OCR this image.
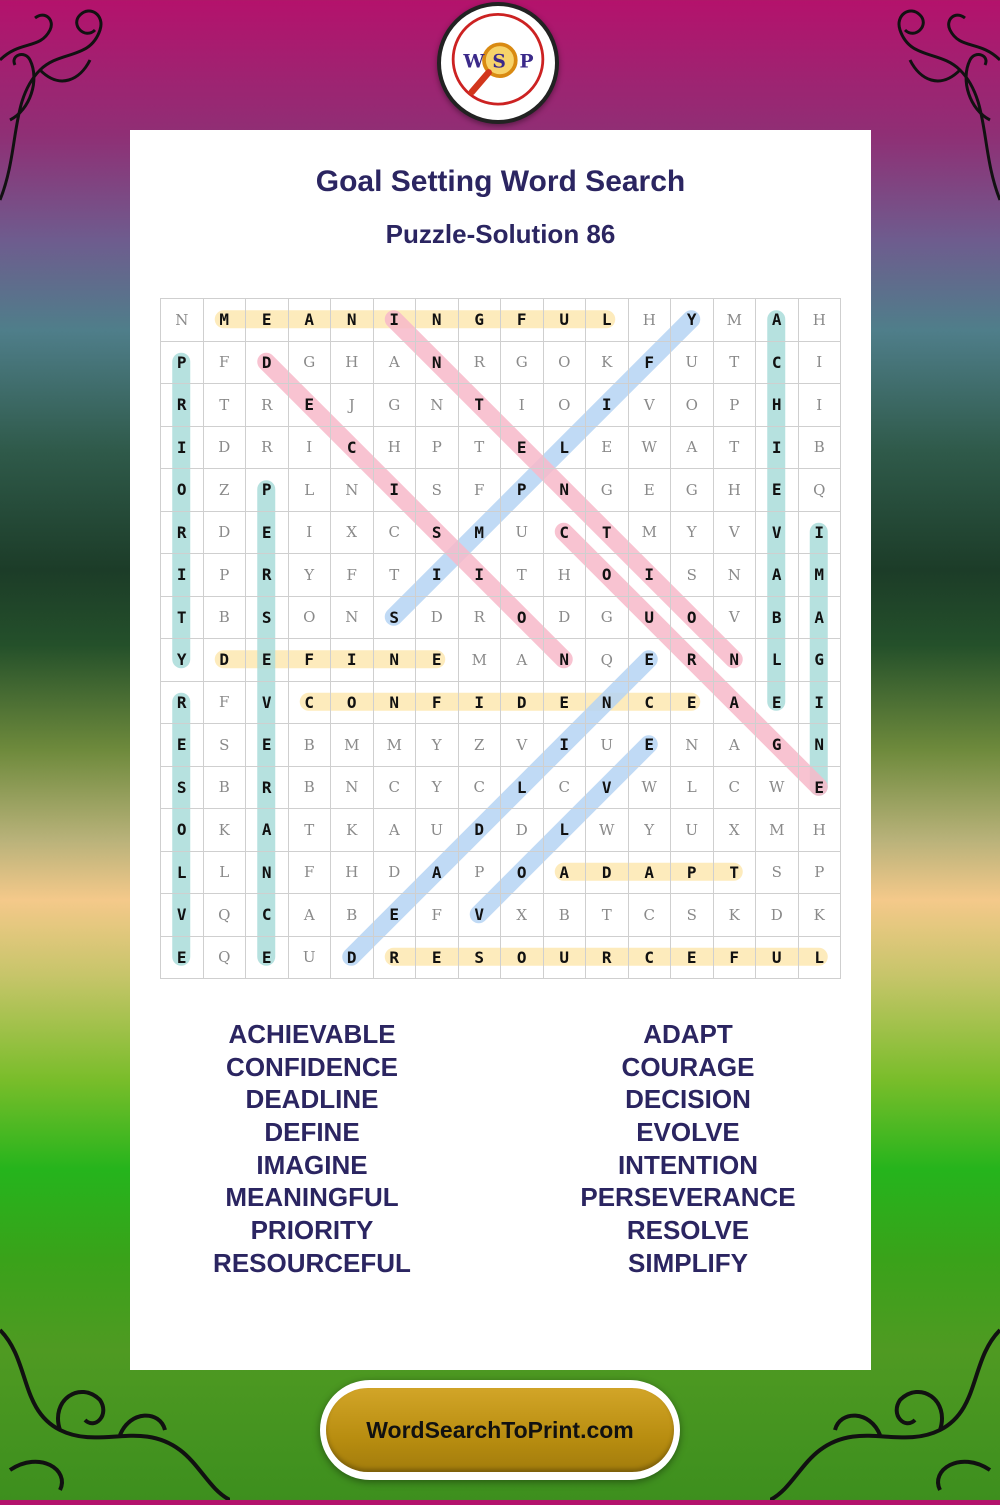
W S P
Goal Setting Word Search
Puzzle-Solution 86
N	M	E	A	N	I	N	G	F	U	L	H	Y	M	A	H
P	F	D	G	H	A	N	R	G	O	K	F	U	T	C	I
R	T	R	E	J	G	N	T	I	O	I	V	O	P	H	I
I	D	R	I	C	H	P	T	E	L	E	W	A	T	I	B
O	Z	P	L	N	I	S	F	P	N	G	E	G	H	E	Q
R	D	E	I	X	C	S	M	U	C	T	M	Y	V	V	I
I	P	R	Y	F	T	I	I	T	H	O	I	S	N	A	M
T	B	S	O	N	S	D	R	O	D	G	U	O	V	B	A
Y	D	E	F	I	N	E	M	A	N	Q	E	R	N	L	G
R	F	V	C	O	N	F	I	D	E	N	C	E	A	E	I
E	S	E	B	M	M	Y	Z	V	I	U	E	N	A	G	N
S	B	R	B	N	C	Y	C	L	C	V	W	L	C	W	E
O	K	A	T	K	A	U	D	D	L	W	Y	U	X	M	H
L	L	N	F	H	D	A	P	O	A	D	A	P	T	S	P
V	Q	C	A	B	E	F	V	X	B	T	C	S	K	D	K
E	Q	E	U	D	R	E	S	O	U	R	C	E	F	U	L
ACHIEVABLE
CONFIDENCE
DEADLINE
DEFINE
IMAGINE
MEANINGFUL
PRIORITY
RESOURCEFUL
ADAPT
COURAGE
DECISION
EVOLVE
INTENTION
PERSEVERANCE
RESOLVE
SIMPLIFY
WordSearchToPrint.com
